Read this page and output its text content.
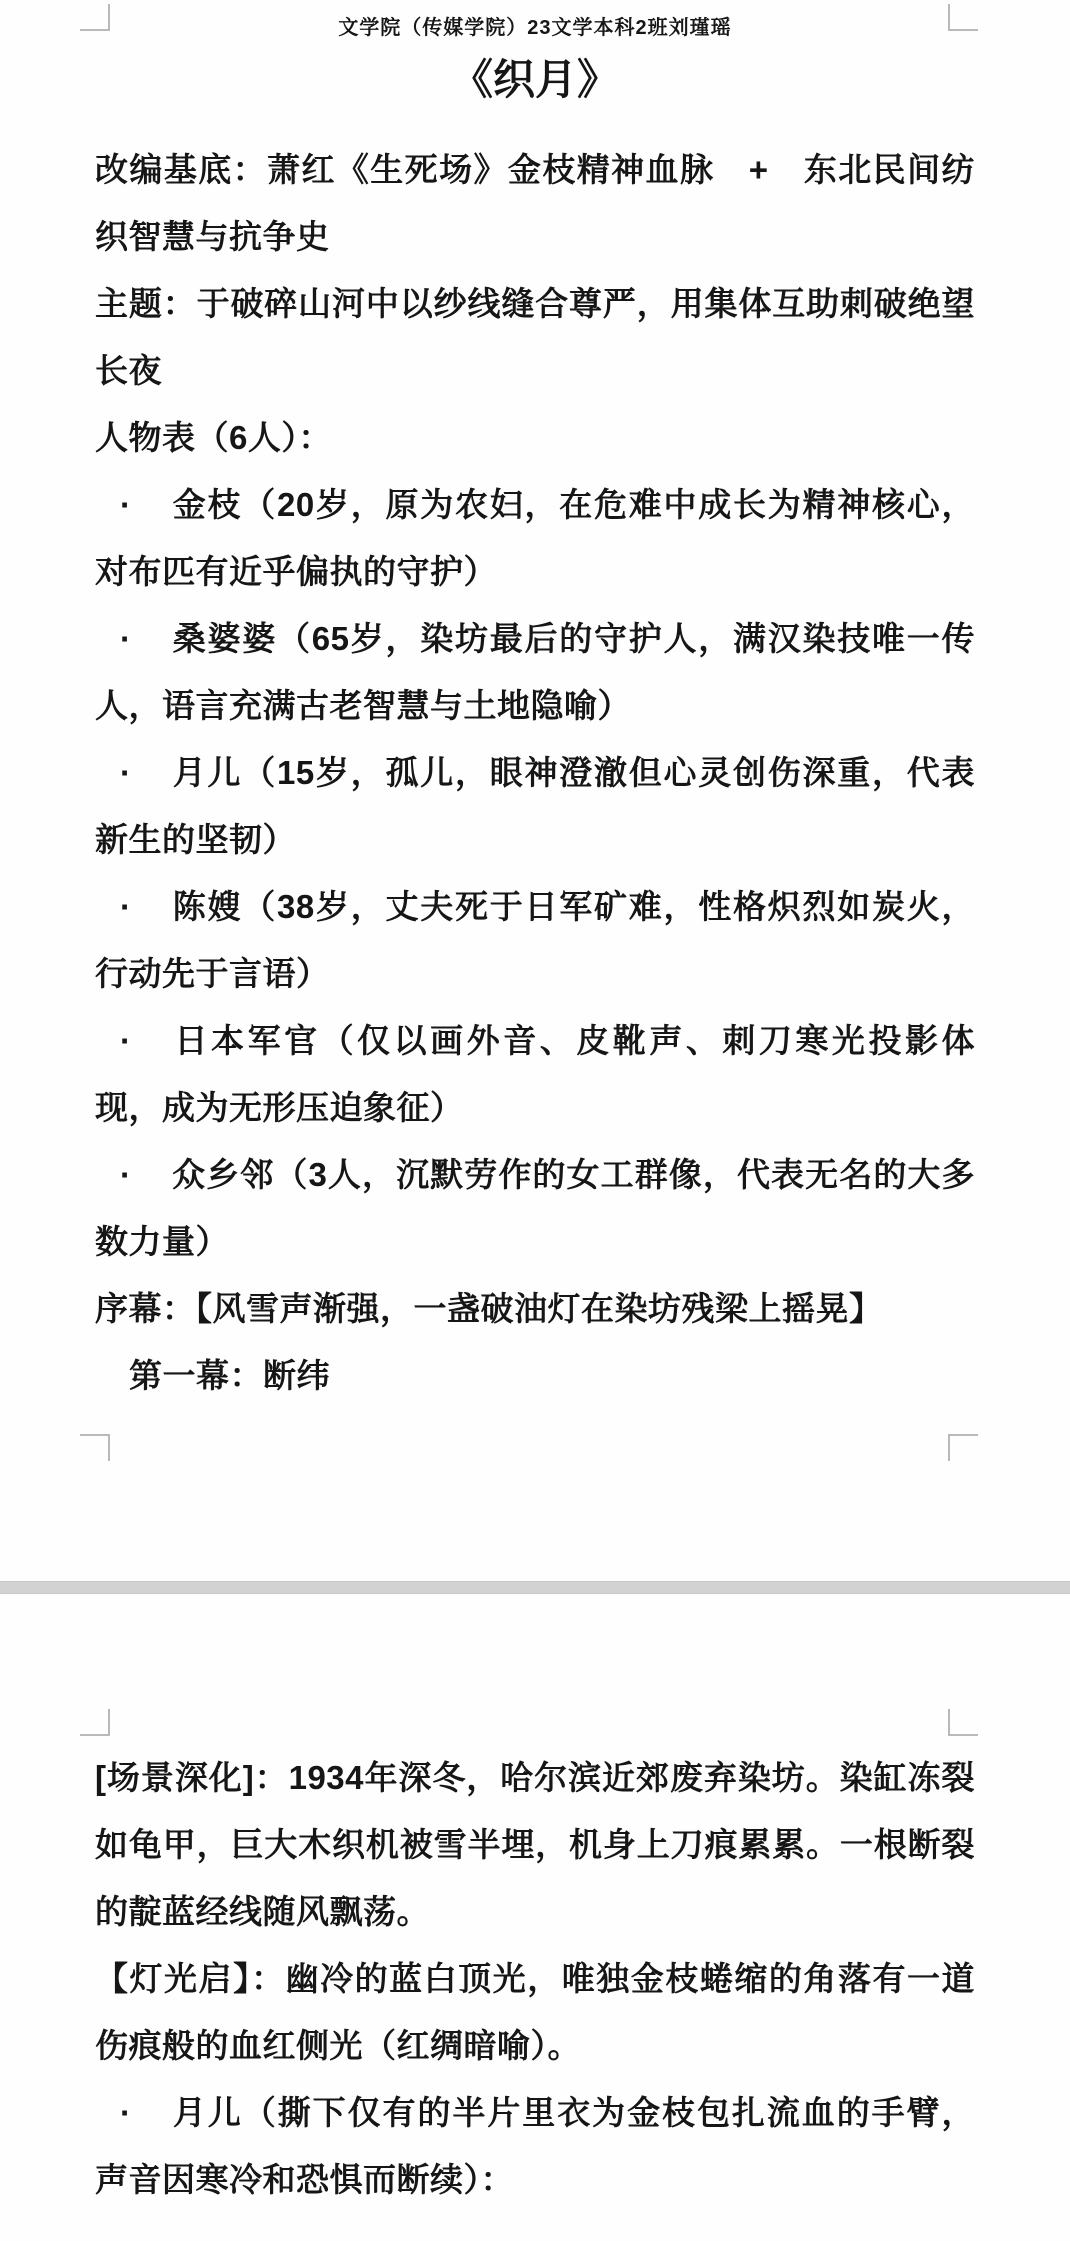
文学院（传媒学院）23文学本科2班刘瑾瑶
《织月》

改编基底：萧红《生死场》金枝精神血脉　+　东北民间纺织智慧与抗争史

主题：于破碎山河中以纱线缝合尊严，用集体互助刺破绝望长夜

人物表（6人）：

· 金枝（20岁，原为农妇，在危难中成长为精神核心，对布匹有近乎偏执的守护）

· 桑婆婆（65岁，染坊最后的守护人，满汉染技唯一传人，语言充满古老智慧与土地隐喻）

· 月儿（15岁，孤儿，眼神澄澈但心灵创伤深重，代表新生的坚韧）

· 陈嫂（38岁，丈夫死于日军矿难，性格炽烈如炭火，行动先于言语）

· 日本军官（仅以画外音、皮靴声、刺刀寒光投影体现，成为无形压迫象征）

· 众乡邻（3人，沉默劳作的女工群像，代表无名的大多数力量）

序幕：【风雪声渐强，一盏破油灯在染坊残梁上摇晃】

第一幕：断纬

[场景深化]：1934年深冬，哈尔滨近郊废弃染坊。染缸冻裂如龟甲，巨大木织机被雪半埋，机身上刀痕累累。一根断裂的靛蓝经线随风飘荡。

【灯光启】：幽冷的蓝白顶光，唯独金枝蜷缩的角落有一道伤痕般的血红侧光（红绸暗喻）。

· 月儿（撕下仅有的半片里衣为金枝包扎流血的手臂，声音因寒冷和恐惧而断续）：
